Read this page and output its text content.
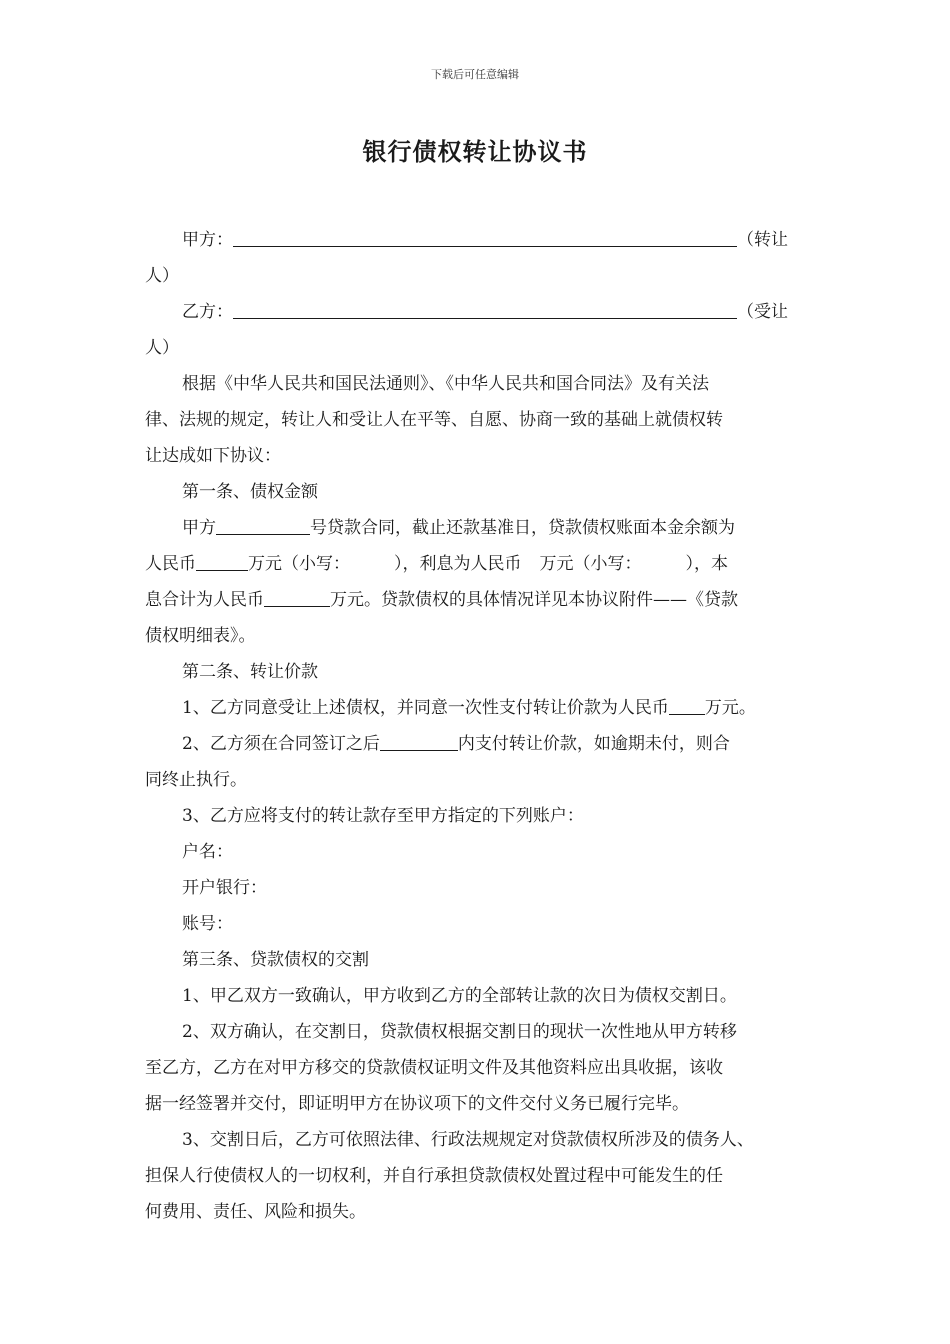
下载后可任意编辑
银行债权转让协议书
甲方：	（转让
人）
乙方：	（受让
人）
根据《中华人民共和国民法通则》、《中华人民共和国合同法》及有关法
律、法规的规定，转让人和受让人在平等、自愿、协商一致的基础上就债权转
让达成如下协议：
第一条、债权金额
甲方	号贷款合同，截止还款基准日，贷款债权账面本金余额为
人民币	万元（小写：	），利息为人民币 万元（小写：	），本
息合计为人民币	万元。贷款债权的具体情况详见本协议附件——《贷款
债权明细表》。
第二条、转让价款
1、乙方同意受让上述债权，并同意一次性支付转让价款为人民币 万元。
2、乙方须在合同签订之后	内支付转让价款，如逾期未付，则合
同终止执行。
3、乙方应将支付的转让款存至甲方指定的下列账户：
户名：
开户银行：
账号：
第三条、贷款债权的交割
1、甲乙双方一致确认，甲方收到乙方的全部转让款的次日为债权交割日。
2、双方确认，在交割日，贷款债权根据交割日的现状一次性地从甲方转移
至乙方，乙方在对甲方移交的贷款债权证明文件及其他资料应出具收据，该收
据一经签署并交付，即证明甲方在协议项下的文件交付义务已履行完毕。
3、交割日后，乙方可依照法律、行政法规规定对贷款债权所涉及的债务人、
担保人行使债权人的一切权利，并自行承担贷款债权处置过程中可能发生的任
何费用、责任、风险和损失。
